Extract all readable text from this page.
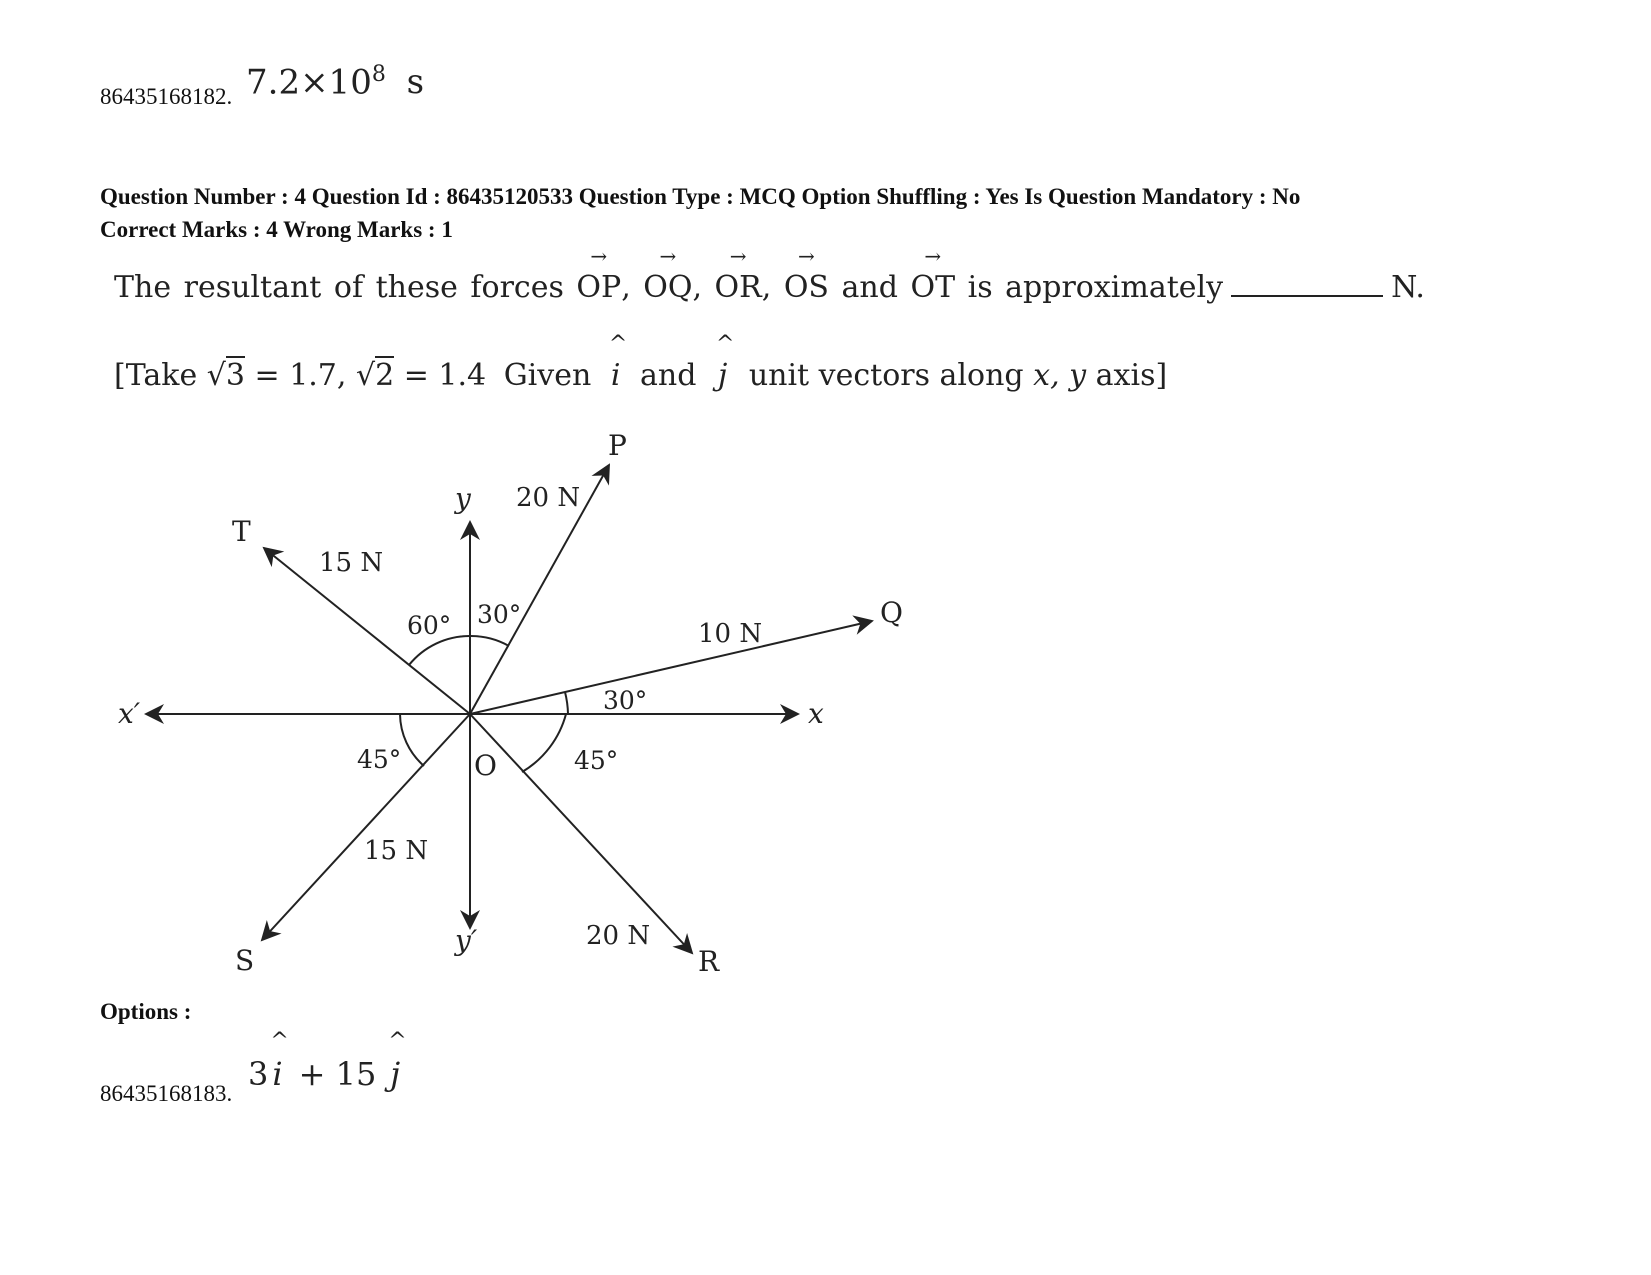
86435168182. $7.2\times 10^8$ s
Question Number : 4 Question Id : 86435120533 Question Type : MCQ Option Shuffling : Yes Is Question Mandatory : No
Correct Marks : 4 Wrong Marks : 1
The resultant of these forces
→
OP,
→
OQ,
→
OR,
→
OS and
→
OT is approximately	N.
[Take √3 = 1.7, √2 = 1.4 Given
^
i and
^
j unit vectors along x, y axis]
P
Q
R
S
T
O
x
x′
y
y′
20 N
10 N
20 N
15 N
15 N
30°
60°
30°
45°	45°
Options :
86435168183.
3
^
i + 15
^
j
